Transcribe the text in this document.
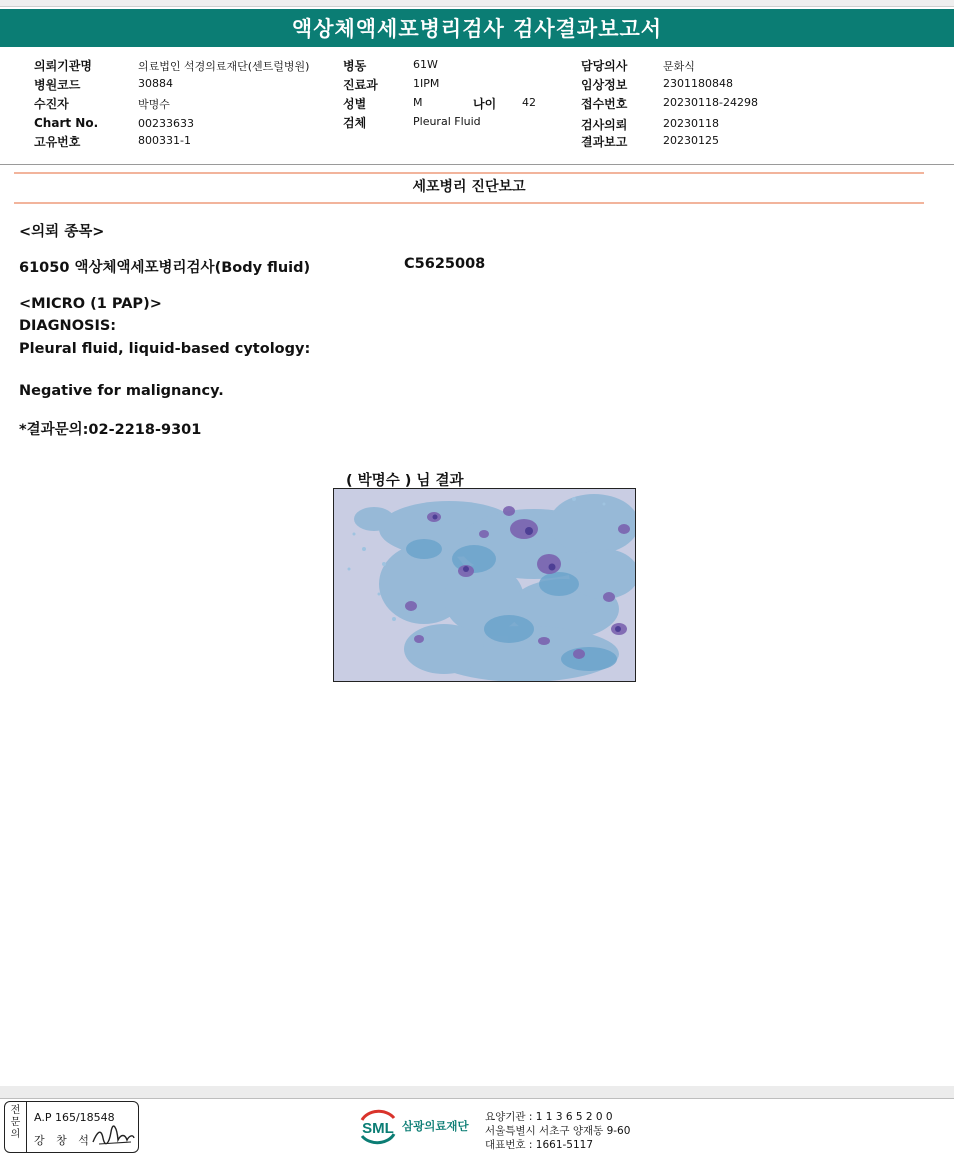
액상체액세포병리검사 검사결과보고서
의뢰기관명	의료법인 석경의료재단(센트럴병원)
병원코드	30884
수진자	박명수
Chart No.	00233633
고유번호	800331-1
병동	61W
진료과	1IPM
성별	M	나이 42
검체	Pleural Fluid
담당의사	문화식
임상정보	2301180848
접수번호	20230118-24298
검사의뢰	20230118
결과보고	20230125
세포병리 진단보고
<의뢰 종목>
61050 액상체액세포병리검사(Body fluid)	C5625008
<MICRO (1 PAP)>
DIAGNOSIS:
Pleural fluid, liquid-based cytology:
Negative for malignancy.
*결과문의:02-2218-9301
( 박명수 ) 님 결과
전
문
의
A.P 165/18548
강 창 석
SML 삼광의료재단
요양기관 : 1 1 3 6 5 2 0 0
서울특별시 서초구 양재동 9-60
대표번호 : 1661-5117
